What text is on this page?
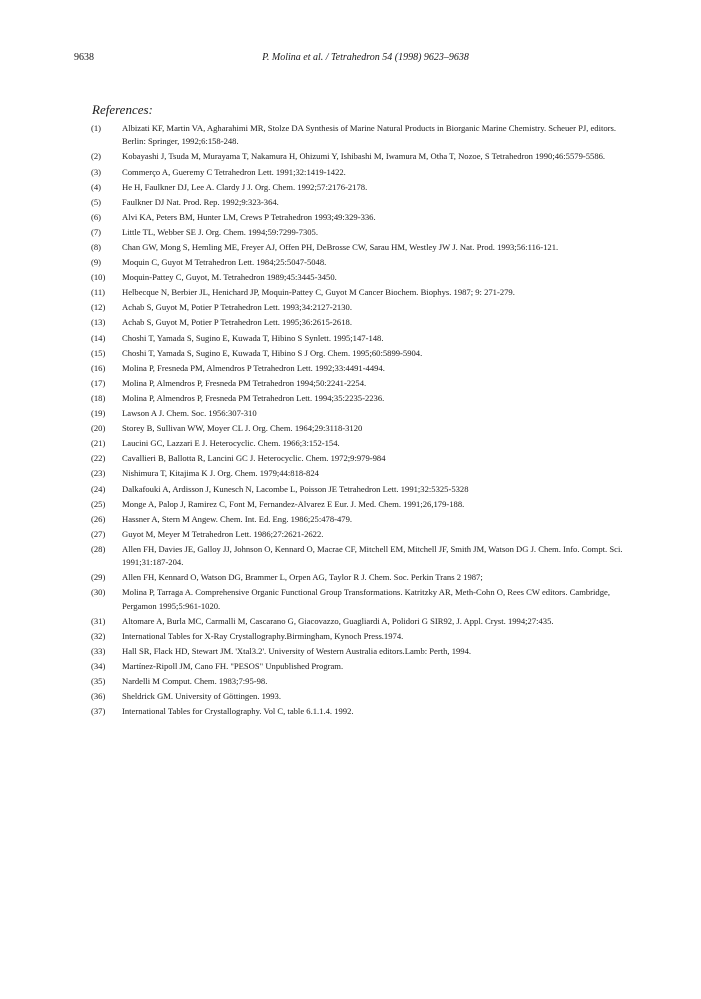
9638	P. Molina et al. / Tetrahedron 54 (1998) 9623–9638
References:
(1)	Albizati KF, Martin VA, Agharahimi MR, Stolze DA Synthesis of Marine Natural Products in Biorganic Marine Chemistry. Scheuer PJ, editors. Berlin: Springer, 1992;6:158-248.
(2)	Kobayashi J, Tsuda M, Murayama T, Nakamura H, Ohizumi Y, Ishibashi M, Iwamura M, Otha T, Nozoe, S Tetrahedron 1990;46:5579-5586.
(3)	Commerço A, Gueremy C Tetrahedron Lett. 1991;32:1419-1422.
(4)	He H, Faulkner DJ, Lee A. Clardy J J. Org. Chem. 1992;57:2176-2178.
(5)	Faulkner DJ Nat. Prod. Rep. 1992;9:323-364.
(6)	Alvi KA, Peters BM, Hunter LM, Crews P Tetrahedron 1993;49:329-336.
(7)	Little TL, Webber SE J. Org. Chem. 1994;59:7299-7305.
(8)	Chan GW, Mong S, Hemling ME, Freyer AJ, Offen PH, DeBrosse CW, Sarau HM, Westley JW J. Nat. Prod. 1993;56:116-121.
(9)	Moquin C, Guyot M Tetrahedron Lett. 1984;25:5047-5048.
(10)	Moquin-Pattey C, Guyot, M. Tetrahedron 1989;45:3445-3450.
(11)	Helbecque N, Berbier JL, Henichard JP, Moquin-Pattey C, Guyot M Cancer Biochem. Biophys. 1987; 9: 271-279.
(12)	Achab S, Guyot M, Potier P Tetrahedron Lett. 1993;34:2127-2130.
(13)	Achab S, Guyot M, Potier P Tetrahedron Lett. 1995;36:2615-2618.
(14)	Choshi T, Yamada S, Sugino E, Kuwada T, Hibino S Synlett. 1995;147-148.
(15)	Choshi T, Yamada S, Sugino E, Kuwada T, Hibino S J Org. Chem. 1995;60:5899-5904.
(16)	Molina P, Fresneda PM, Almendros P Tetrahedron Lett. 1992;33:4491-4494.
(17)	Molina P, Almendros P, Fresneda PM Tetrahedron 1994;50:2241-2254.
(18)	Molina P, Almendros P, Fresneda PM Tetrahedron Lett. 1994;35:2235-2236.
(19)	Lawson A J. Chem. Soc. 1956:307-310
(20)	Storey B, Sullivan WW, Moyer CL J. Org. Chem. 1964;29:3118-3120
(21)	Laucini GC, Lazzari E J. Heterocyclic. Chem. 1966;3:152-154.
(22)	Cavallieri B, Ballotta R, Lancini GC J. Heterocyclic. Chem. 1972;9:979-984
(23)	Nishimura T, Kitajima K J. Org. Chem. 1979;44:818-824
(24)	Dalkafouki A, Ardisson J, Kunesch N, Lacombe L, Poisson JE Tetrahedron Lett. 1991;32:5325-5328
(25)	Monge A, Palop J, Ramirez C, Font M, Fernandez-Alvarez E Eur. J. Med. Chem. 1991;26,179-188.
(26)	Hassner A, Stern M Angew. Chem. Int. Ed. Eng. 1986;25:478-479.
(27)	Guyot M, Meyer M Tetrahedron Lett. 1986;27:2621-2622.
(28)	Allen FH, Davies JE, Galloy JJ, Johnson O, Kennard O, Macrae CF, Mitchell EM, Mitchell JF, Smith JM, Watson DG J. Chem. Info. Compt. Sci. 1991;31:187-204.
(29)	Allen FH, Kennard O, Watson DG, Brammer L, Orpen AG, Taylor R J. Chem. Soc. Perkin Trans 2 1987;
(30)	Molina P, Tarraga A. Comprehensive Organic Functional Group Transformations. Katritzky AR, Meth-Cohn O, Rees CW editors. Cambridge, Pergamon 1995;5:961-1020.
(31)	Altomare A, Burla MC, Carmalli M, Cascarano G, Giacovazzo, Guagliardi A, Polidori G SIR92, J. Appl. Cryst. 1994;27:435.
(32)	International Tables for X-Ray Crystallography.Birmingham, Kynoch Press.1974.
(33)	Hall SR, Flack HD, Stewart JM. 'Xtal3.2'. University of Western Australia editors.Lamb: Perth, 1994.
(34)	Martínez-Ripoll JM, Cano FH. "PESOS" Unpublished Program.
(35)	Nardelli M Comput. Chem. 1983;7:95-98.
(36)	Sheldrick GM. University of Göttingen. 1993.
(37)	International Tables for Crystallography. Vol C, table 6.1.1.4. 1992.
